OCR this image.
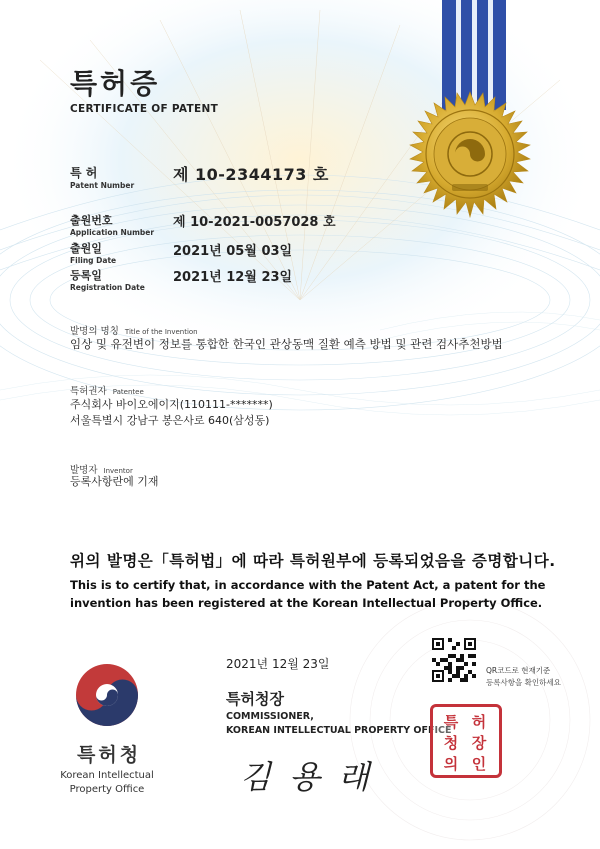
특허증
CERTIFICATE OF PATENT
특 허
Patent Number
제 10-2344173 호
출원번호
Application Number
제 10-2021-0057028 호
출원일
Filing Date
2021년 05월 03일
등록일
Registration Date
2021년 12월 23일
발명의 명칭 Title of the Invention
임상 및 유전변이 정보를 통합한 한국인 관상동맥 질환 예측 방법 및 관련 검사추천방법
특허권자 Patentee
주식회사 바이오에이지(110111-*******)
서울특별시 강남구 봉은사로 640(삼성동)
발명자 Inventor
등록사항란에 기재
위의 발명은「특허법」에 따라 특허원부에 등록되었음을 증명합니다.
This is to certify that, in accordance with the Patent Act, a patent for the
invention has been registered at the Korean Intellectual Property Office.
2021년 12월 23일
특허청장
COMMISSIONER,
KOREAN INTELLECTUAL PROPERTY OFFICE
김 용 래
특허청
Korean Intellectual
Property Office
QR코드로 현재기준
등록사항을 확인하세요
특 허
청 장
의 인
